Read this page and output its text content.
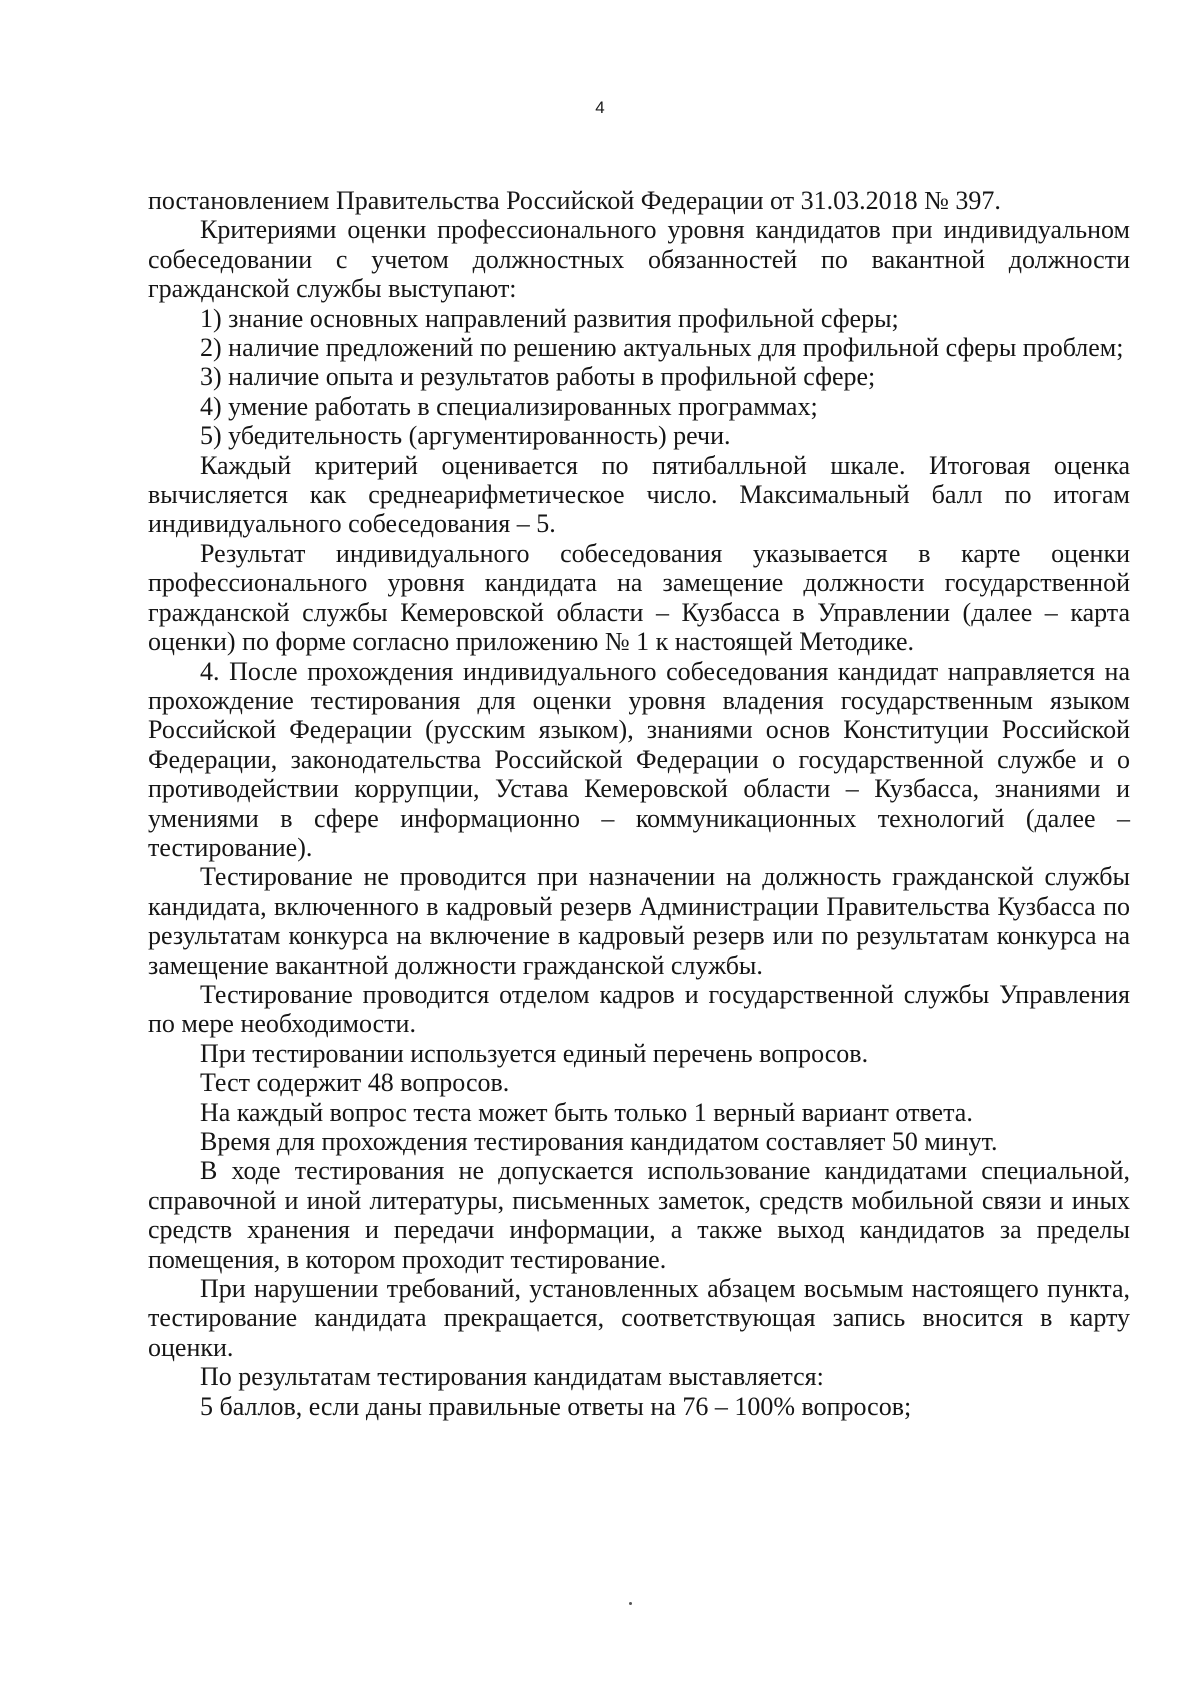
4

постановлением Правительства Российской Федерации от 31.03.2018 № 397.

Критериями оценки профессионального уровня кандидатов при индивидуальном собеседовании с учетом должностных обязанностей по вакантной должности гражданской службы выступают:

1) знание основных направлений развития профильной сферы;

2) наличие предложений по решению актуальных для профильной сферы проблем;

3) наличие опыта и результатов работы в профильной сфере;

4) умение работать в специализированных программах;

5) убедительность (аргументированность) речи.

Каждый критерий оценивается по пятибалльной шкале. Итоговая оценка вычисляется как среднеарифметическое число. Максимальный балл по итогам индивидуального собеседования – 5.

Результат индивидуального собеседования указывается в карте оценки профессионального уровня кандидата на замещение должности государственной гражданской службы Кемеровской области – Кузбасса в Управлении (далее – карта оценки) по форме согласно приложению № 1 к настоящей Методике.

4. После прохождения индивидуального собеседования кандидат направляется на прохождение тестирования для оценки уровня владения государственным языком Российской Федерации (русским языком), знаниями основ Конституции Российской Федерации, законодательства Российской Федерации о государственной службе и о противодействии коррупции, Устава Кемеровской области – Кузбасса, знаниями и умениями в сфере информационно – коммуникационных технологий (далее – тестирование).

Тестирование не проводится при назначении на должность гражданской службы кандидата, включенного в кадровый резерв Администрации Правительства Кузбасса по результатам конкурса на включение в кадровый резерв или по результатам конкурса на замещение вакантной должности гражданской службы.

Тестирование проводится отделом кадров и государственной службы Управления по мере необходимости.

При тестировании используется единый перечень вопросов.

Тест содержит 48 вопросов.

На каждый вопрос теста может быть только 1 верный вариант ответа.

Время для прохождения тестирования кандидатом составляет 50 минут.

В ходе тестирования не допускается использование кандидатами специальной, справочной и иной литературы, письменных заметок, средств мобильной связи и иных средств хранения и передачи информации, а также выход кандидатов за пределы помещения, в котором проходит тестирование.

При нарушении требований, установленных абзацем восьмым настоящего пункта, тестирование кандидата прекращается, соответствующая запись вносится в карту оценки.

По результатам тестирования кандидатам выставляется:

5 баллов, если даны правильные ответы на 76 – 100% вопросов;
